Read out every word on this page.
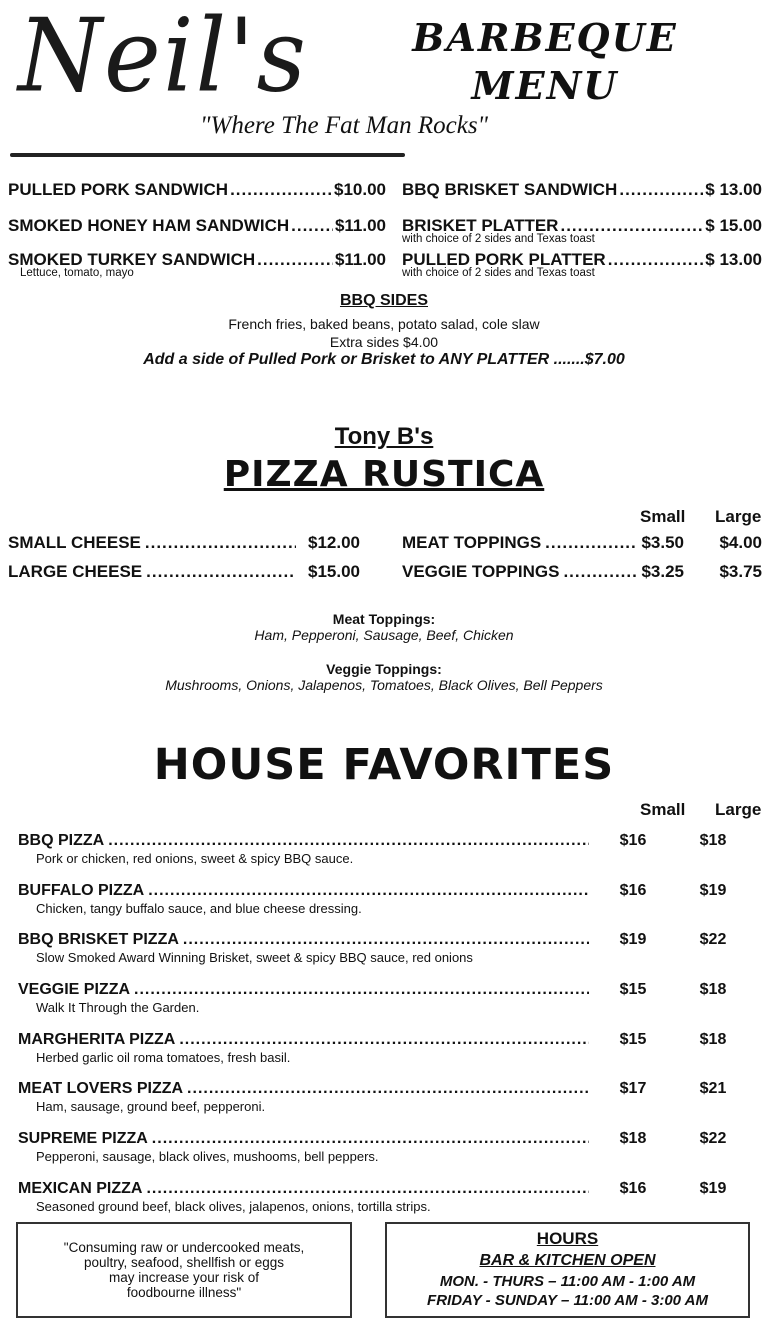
Neil's	BARBEQUE
MENU
"Where The Fat Man Rocks"
PULLED PORK SANDWICH .....	$10.00
SMOKED HONEY HAM SANDWICH .....	$11.00
SMOKED TURKEY SANDWICH .....	$11.00
Lettuce, tomato, mayo
BBQ BRISKET SANDWICH .....	$ 13.00
BRISKET PLATTER .....	$ 15.00
with choice of 2 sides and Texas toast
PULLED PORK PLATTER .....	$ 13.00
with choice of 2 sides and Texas toast
BBQ SIDES
French fries, baked beans, potato salad, cole slaw
Extra sides $4.00
Add a side of Pulled Pork or Brisket to ANY PLATTER .......$7.00
Tony B's
PIZZA RUSTICA
Small Large
SMALL CHEESE .....	$12.00
LARGE CHEESE .....	$15.00
MEAT TOPPINGS .....	$3.50	$4.00
VEGGIE TOPPINGS .....	$3.25	$3.75
Meat Toppings:
Ham, Pepperoni, Sausage, Beef, Chicken
Veggie Toppings:
Mushrooms, Onions, Jalapenos, Tomatoes, Black Olives, Bell Peppers
HOUSE FAVORITES
Small Large
BBQ PIZZA .....	$16	$18
Pork or chicken, red onions, sweet & spicy BBQ sauce.
BUFFALO PIZZA .....	$16	$19
Chicken, tangy buffalo sauce, and blue cheese dressing.
BBQ BRISKET PIZZA .....	$19	$22
Slow Smoked Award Winning Brisket, sweet & spicy BBQ sauce, red onions
VEGGIE PIZZA .....	$15	$18
Walk It Through the Garden.
MARGHERITA PIZZA .....	$15	$18
Herbed garlic oil roma tomatoes, fresh basil.
MEAT LOVERS PIZZA .....	$17	$21
Ham, sausage, ground beef, pepperoni.
SUPREME PIZZA .....	$18	$22
Pepperoni, sausage, black olives, mushooms, bell peppers.
MEXICAN PIZZA .....	$16	$19
Seasoned ground beef, black olives, jalapenos, onions, tortilla strips.
"Consuming raw or undercooked meats,
poultry, seafood, shellfish or eggs
may increase your risk of
foodbourne illness"
HOURS
BAR & KITCHEN OPEN
MON. - THURS – 11:00 AM - 1:00 AM
FRIDAY - SUNDAY – 11:00 AM - 3:00 AM
